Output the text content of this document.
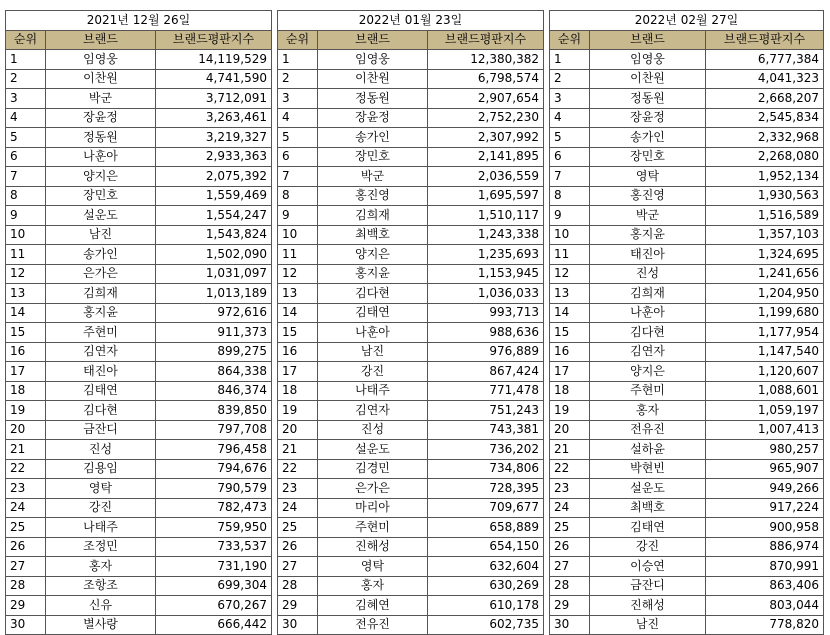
2021년 12월 26일		
순위	브랜드	브랜드평판지수
1	임영웅	14,119,529
2	이찬원	4,741,590
3	박군	3,712,091
4	장윤정	3,263,461
5	정동원	3,219,327
6	나훈아	2,933,363
7	양지은	2,075,392
8	장민호	1,559,469
9	설운도	1,554,247
10	남진	1,543,824
11	송가인	1,502,090
12	은가은	1,031,097
13	김희재	1,013,189
14	홍지윤	972,616
15	주현미	911,373
16	김연자	899,275
17	태진아	864,338
18	김태연	846,374
19	김다현	839,850
20	금잔디	797,708
21	진성	796,458
22	김용임	794,676
23	영탁	790,579
24	강진	782,473
25	나태주	759,950
26	조정민	733,537
27	홍자	731,190
28	조항조	699,304
29	신유	670,267
30	별사랑	666,442
2022년 01월 23일		
순위	브랜드	브랜드평판지수
1	임영웅	12,380,382
2	이찬원	6,798,574
3	정동원	2,907,654
4	장윤정	2,752,230
5	송가인	2,307,992
6	장민호	2,141,895
7	박군	2,036,559
8	홍진영	1,695,597
9	김희재	1,510,117
10	최백호	1,243,338
11	양지은	1,235,693
12	홍지윤	1,153,945
13	김다현	1,036,033
14	김태연	993,713
15	나훈아	988,636
16	남진	976,889
17	강진	867,424
18	나태주	771,478
19	김연자	751,243
20	진성	743,381
21	설운도	736,202
22	김경민	734,806
23	은가은	728,395
24	마리아	709,677
25	주현미	658,889
26	진해성	654,150
27	영탁	632,604
28	홍자	630,269
29	김혜연	610,178
30	전유진	602,735
2022년 02월 27일		
순위	브랜드	브랜드평판지수
1	임영웅	6,777,384
2	이찬원	4,041,323
3	정동원	2,668,207
4	장윤정	2,545,834
5	송가인	2,332,968
6	장민호	2,268,080
7	영탁	1,952,134
8	홍진영	1,930,563
9	박군	1,516,589
10	홍지윤	1,357,103
11	태진아	1,324,695
12	진성	1,241,656
13	김희재	1,204,950
14	나훈아	1,199,680
15	김다현	1,177,954
16	김연자	1,147,540
17	양지은	1,120,607
18	주현미	1,088,601
19	홍자	1,059,197
20	전유진	1,007,413
21	설하윤	980,257
22	박현빈	965,907
23	설운도	949,266
24	최백호	917,224
25	김태연	900,958
26	강진	886,974
27	이승연	870,991
28	금잔디	863,406
29	진해성	803,044
30	남진	778,820
